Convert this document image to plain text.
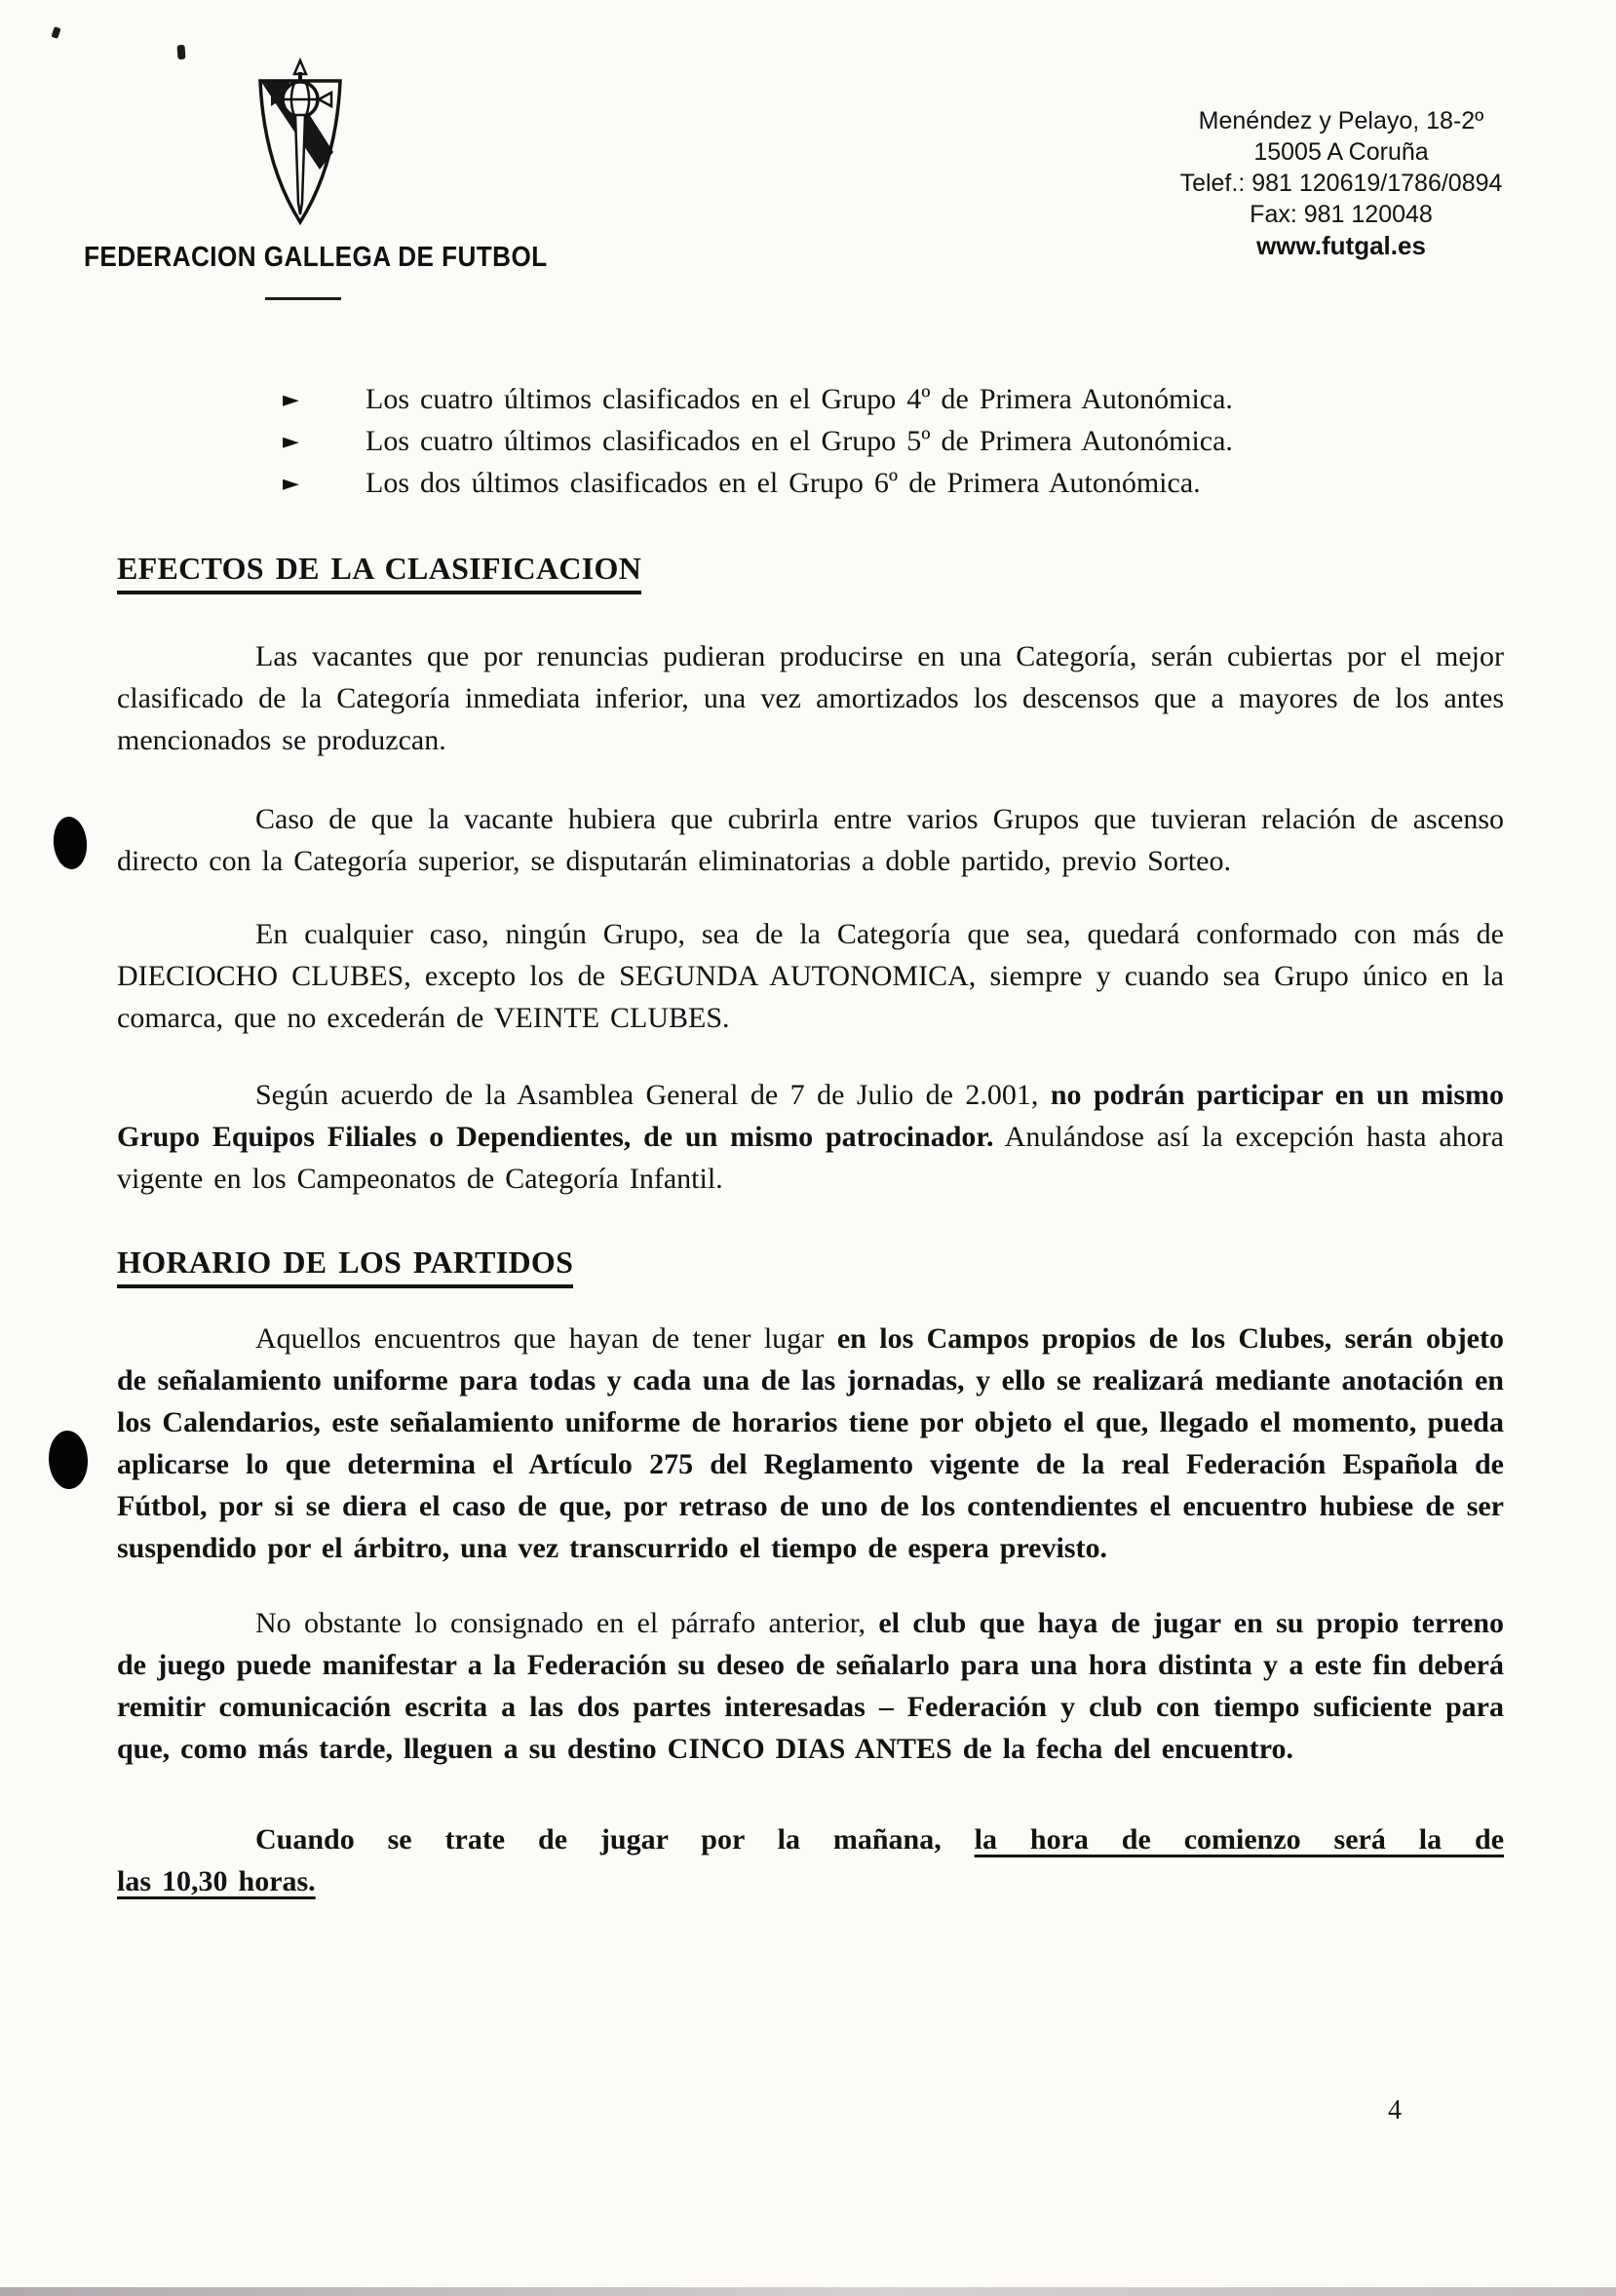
FEDERACION GALLEGA DE FUTBOL
Menéndez y Pelayo, 18-2º
15005 A Coruña
Telef.: 981 120619/1786/0894
Fax: 981 120048
www.futgal.es
► Los cuatro últimos clasificados en el Grupo 4º de Primera Autonómica.
► Los cuatro últimos clasificados en el Grupo 5º de Primera Autonómica.
► Los dos últimos clasificados en el Grupo 6º de Primera Autonómica.
EFECTOS DE LA CLASIFICACION

Las vacantes que por renuncias pudieran producirse en una Categoría, serán cubiertas por el mejor clasificado de la Categoría inmediata inferior, una vez amortizados los descensos que a mayores de los antes mencionados se produzcan.

Caso de que la vacante hubiera que cubrirla entre varios Grupos que tuvieran relación de ascenso directo con la Categoría superior, se disputarán eliminatorias a doble partido, previo Sorteo.

En cualquier caso, ningún Grupo, sea de la Categoría que sea, quedará conformado con más de DIECIOCHO CLUBES, excepto los de SEGUNDA AUTONOMICA, siempre y cuando sea Grupo único en la comarca, que no excederán de VEINTE CLUBES.

Según acuerdo de la Asamblea General de 7 de Julio de 2.001, no podrán participar en un mismo Grupo Equipos Filiales o Dependientes, de un mismo patrocinador. Anulándose así la excepción hasta ahora vigente en los Campeonatos de Categoría Infantil.

HORARIO DE LOS PARTIDOS

Aquellos encuentros que hayan de tener lugar en los Campos propios de los Clubes, serán objeto de señalamiento uniforme para todas y cada una de las jornadas, y ello se realizará mediante anotación en los Calendarios, este señalamiento uniforme de horarios tiene por objeto el que, llegado el momento, pueda aplicarse lo que determina el Artículo 275 del Reglamento vigente de la real Federación Española de Fútbol, por si se diera el caso de que, por retraso de uno de los contendientes el encuentro hubiese de ser suspendido por el árbitro, una vez transcurrido el tiempo de espera previsto.

No obstante lo consignado en el párrafo anterior, el club que haya de jugar en su propio terreno de juego puede manifestar a la Federación su deseo de señalarlo para una hora distinta y a este fin deberá remitir comunicación escrita a las dos partes interesadas – Federación y club con tiempo suficiente para que, como más tarde, lleguen a su destino CINCO DIAS ANTES de la fecha del encuentro.

Cuando se trate de jugar por la mañana, la hora de comienzo será la de
las 10,30 horas.
4
